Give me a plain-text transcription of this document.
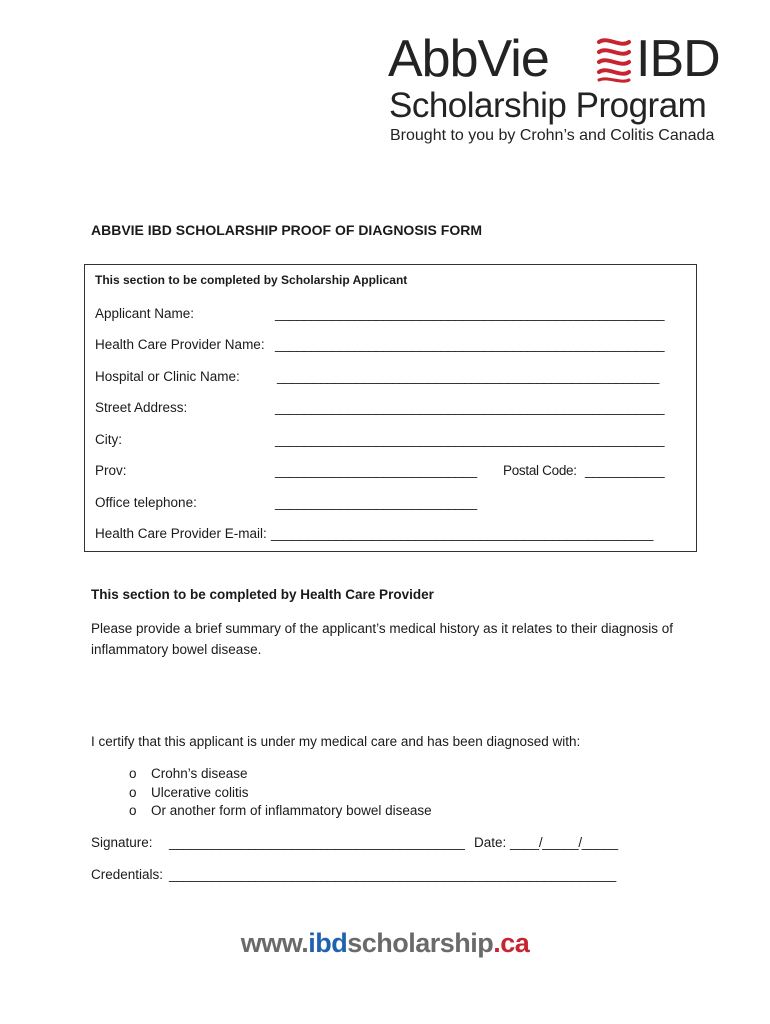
AbbVie IBD
Scholarship Program
Brought to you by Crohn’s and Colitis Canada
ABBVIE IBD SCHOLARSHIP PROOF OF DIAGNOSIS FORM
This section to be completed by Scholarship Applicant
Applicant Name:	______________________________________________________
Health Care Provider Name: ______________________________________________________
Hospital or Clinic Name:	_____________________________________________________
Street Address:	______________________________________________________
City:	______________________________________________________
Prov:	____________________________ Postal Code: ___________
Office telephone:	____________________________
Health Care Provider E-mail: _____________________________________________________
This section to be completed by Health Care Provider
Please provide a brief summary of the applicant’s medical history as it relates to their diagnosis of inflammatory bowel disease.
I certify that this applicant is under my medical care and has been diagnosed with:
o Crohn’s disease
o Ulcerative colitis
o Or another form of inflammatory bowel disease
Signature: _________________________________________ Date: ____/_____/_____
Credentials: ______________________________________________________________
www.ibdscholarship.ca
